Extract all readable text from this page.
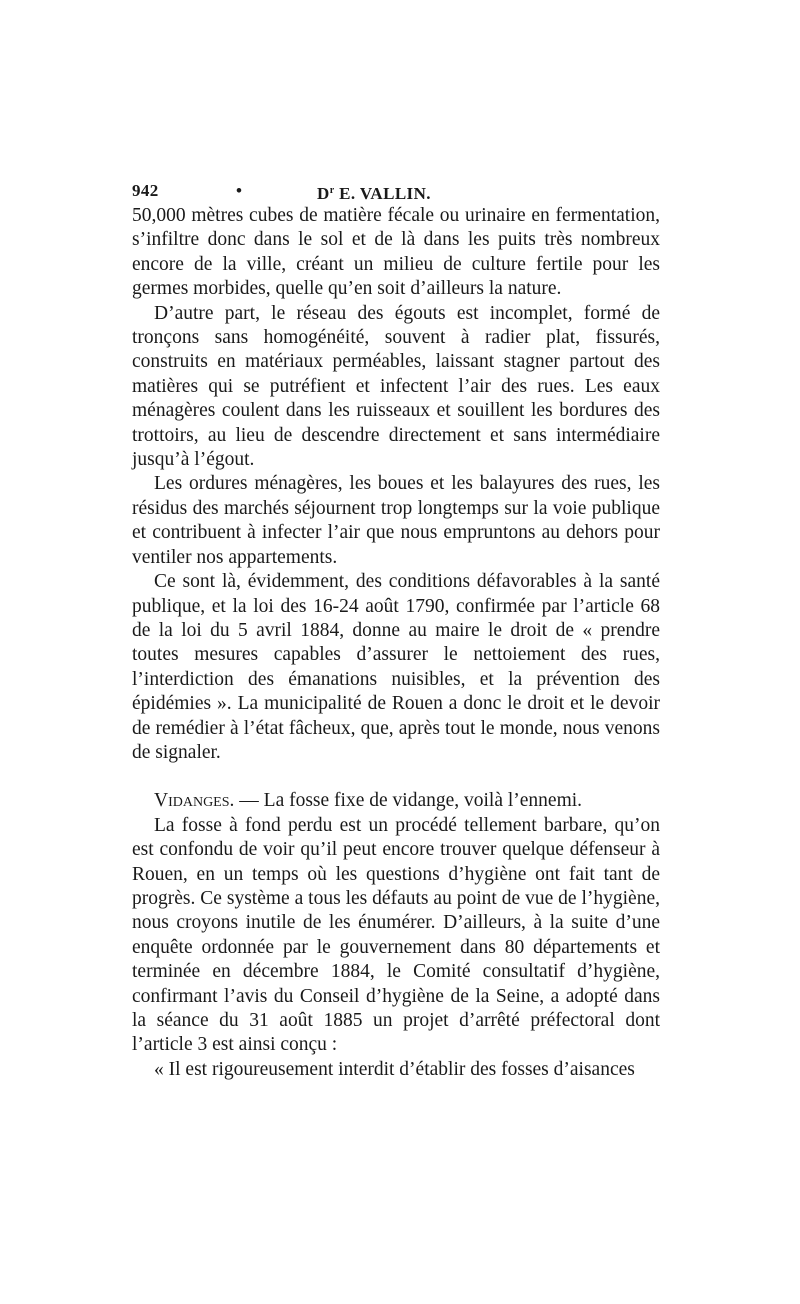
942	•	$D^r$ E. VALLIN.

50,000 mètres cubes de matière fécale ou urinaire en fermentation, s’infiltre donc dans le sol et de là dans les puits très nombreux encore de la ville, créant un milieu de culture fertile pour les germes morbides, quelle qu’en soit d’ailleurs la nature.

D’autre part, le réseau des égouts est incomplet, formé de tronçons sans homogénéité, souvent à radier plat, fissurés, construits en matériaux perméables, laissant stagner partout des matières qui se putréfient et infectent l’air des rues. Les eaux ménagères coulent dans les ruisseaux et souillent les bordures des trottoirs, au lieu de descendre directement et sans intermédiaire jusqu’à l’égout.

Les ordures ménagères, les boues et les balayures des rues, les résidus des marchés séjournent trop longtemps sur la voie publique et contribuent à infecter l’air que nous empruntons au dehors pour ventiler nos appartements.

Ce sont là, évidemment, des conditions défavorables à la santé publique, et la loi des 16-24 août 1790, confirmée par l’article 68 de la loi du 5 avril 1884, donne au maire le droit de « prendre toutes mesures capables d’assurer le nettoiement des rues, l’interdiction des émanations nuisibles, et la prévention des épidémies ». La municipalité de Rouen a donc le droit et le devoir de remédier à l’état fâcheux, que, après tout le monde, nous venons de signaler.

Vidanges. — La fosse fixe de vidange, voilà l’ennemi.

La fosse à fond perdu est un procédé tellement barbare, qu’on est confondu de voir qu’il peut encore trouver quelque défenseur à Rouen, en un temps où les questions d’hygiène ont fait tant de progrès. Ce système a tous les défauts au point de vue de l’hygiène, nous croyons inutile de les énumérer. D’ailleurs, à la suite d’une enquête ordonnée par le gouvernement dans 80 départements et terminée en décembre 1884, le Comité consultatif d’hygiène, confirmant l’avis du Conseil d’hygiène de la Seine, a adopté dans la séance du 31 août 1885 un projet d’arrêté préfectoral dont l’article 3 est ainsi conçu :

« Il est rigoureusement interdit d’établir des fosses d’aisances
